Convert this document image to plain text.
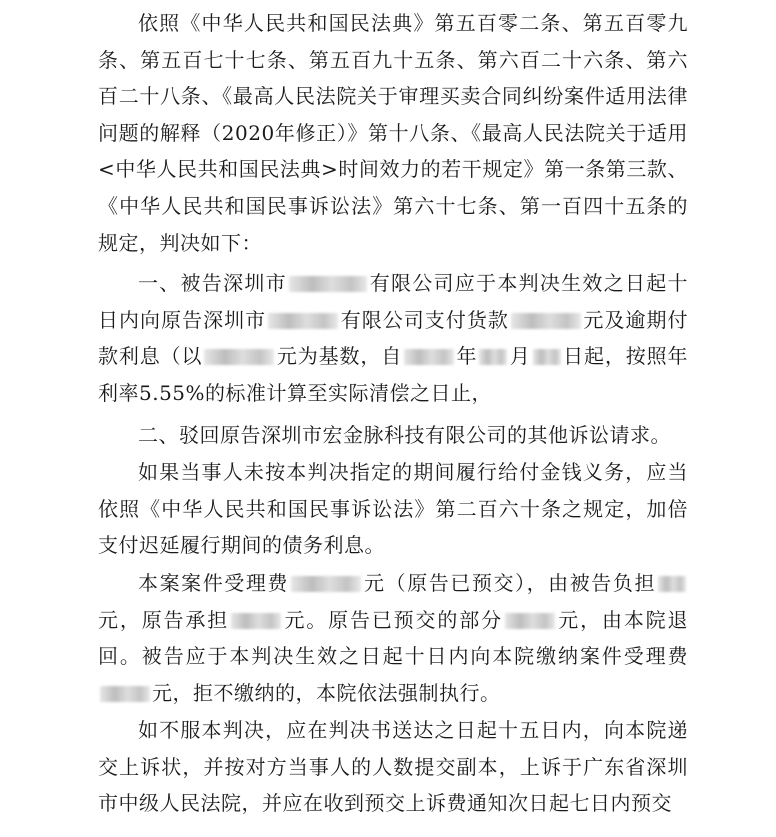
依照《中华人民共和国民法典》第五百零二条、第五百零九条、第五百七十七条、第五百九十五条、第六百二十六条、第六百二十八条、《最高人民法院关于审理买卖合同纠纷案件适用法律问题的解释（2020年修正）》第十八条、《最高人民法院关于适用<中华人民共和国民法典>时间效力的若干规定》第一条第三款、《中华人民共和国民事诉讼法》第六十七条、第一百四十五条的规定，判决如下：

一、被告深圳市	有限公司应于本判决生效之日起十日内向原告深圳市	有限公司支付货款	元及逾期付款利息（以	元为基数，自	年 月 日起，按照年利率5.55%的标准计算至实际清偿之日止，

二、驳回原告深圳市宏金脉科技有限公司的其他诉讼请求。

如果当事人未按本判决指定的期间履行给付金钱义务，应当依照《中华人民共和国民事诉讼法》第二百六十条之规定，加倍支付迟延履行期间的债务利息。

本案案件受理费	元（原告已预交），由被告负担元，原告承担	元。原告已预交的部分	元，由本院退回。被告应于本判决生效之日起十日内向本院缴纳案件受理费元，拒不缴纳的，本院依法强制执行。

如不服本判决，应在判决书送达之日起十五日内，向本院递交上诉状，并按对方当事人的人数提交副本，上诉于广东省深圳市中级人民法院，并应在收到预交上诉费通知次日起七日内预交
